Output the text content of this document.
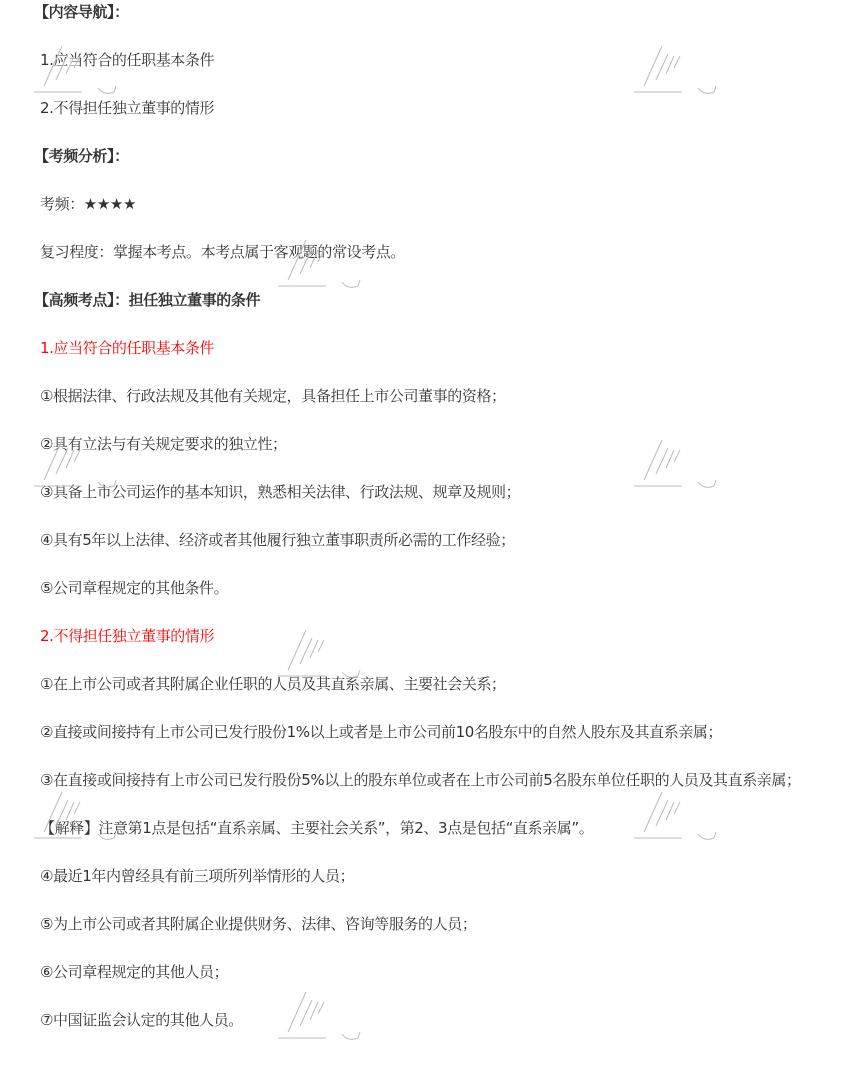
【内容导航】：

1.应当符合的任职基本条件

2.不得担任独立董事的情形

【考频分析】：

考频：★★★★

复习程度：掌握本考点。本考点属于客观题的常设考点。

【高频考点】：担任独立董事的条件

1.应当符合的任职基本条件

①根据法律、行政法规及其他有关规定，具备担任上市公司董事的资格；

②具有立法与有关规定要求的独立性；

③具备上市公司运作的基本知识，熟悉相关法律、行政法规、规章及规则；

④具有5年以上法律、经济或者其他履行独立董事职责所必需的工作经验；

⑤公司章程规定的其他条件。

2.不得担任独立董事的情形

①在上市公司或者其附属企业任职的人员及其直系亲属、主要社会关系；

②直接或间接持有上市公司已发行股份1%以上或者是上市公司前10名股东中的自然人股东及其直系亲属；

③在直接或间接持有上市公司已发行股份5%以上的股东单位或者在上市公司前5名股东单位任职的人员及其直系亲属；

【解释】注意第1点是包括“直系亲属、主要社会关系”，第2、3点是包括“直系亲属”。

④最近1年内曾经具有前三项所列举情形的人员；

⑤为上市公司或者其附属企业提供财务、法律、咨询等服务的人员；

⑥公司章程规定的其他人员；

⑦中国证监会认定的其他人员。
